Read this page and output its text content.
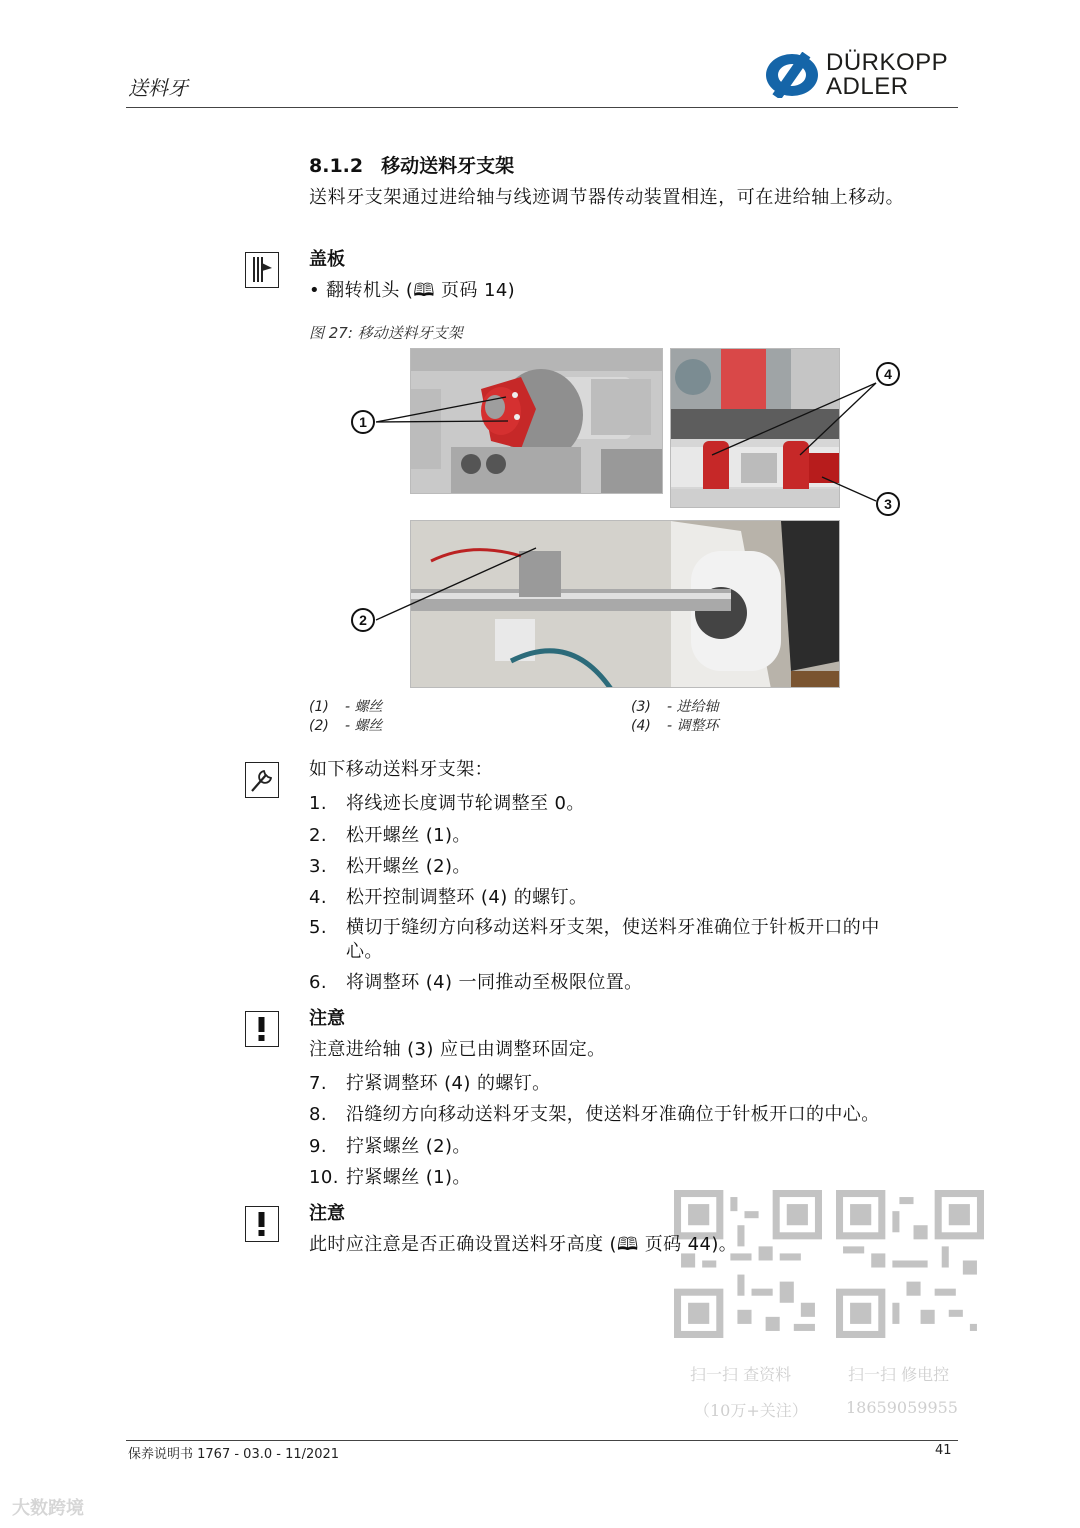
送料牙
DÜRKOPP
ADLER
8.1.2 移动送料牙支架
送料牙支架通过进给轴与线迹调节器传动装置相连，可在进给轴上移动。
盖板
• 翻转机头 (🕮 页码 14)
图 27: 移动送料牙支架
1
2
3
4
(1) - 螺丝
(2) - 螺丝
(3) - 进给轴
(4) - 调整环
如下移动送料牙支架：
1. 将线迹长度调节轮调整至 0。
2. 松开螺丝 (1)。
3. 松开螺丝 (2)。
4. 松开控制调整环 (4) 的螺钉。
5. 横切于缝纫方向移动送料牙支架，使送料牙准确位于针板开口的中心。
6. 将调整环 (4) 一同推动至极限位置。
注意
注意进给轴 (3) 应已由调整环固定。
7. 拧紧调整环 (4) 的螺钉。
8. 沿缝纫方向移动送料牙支架，使送料牙准确位于针板开口的中心。
9. 拧紧螺丝 (2)。
10. 拧紧螺丝 (1)。
注意
此时应注意是否正确设置送料牙高度 (🕮 页码 44)。
扫一扫 查资料
（10万+关注）
扫一扫 修电控
18659059955
保养说明书 1767 - 03.0 - 11/2021	41
大数跨境
